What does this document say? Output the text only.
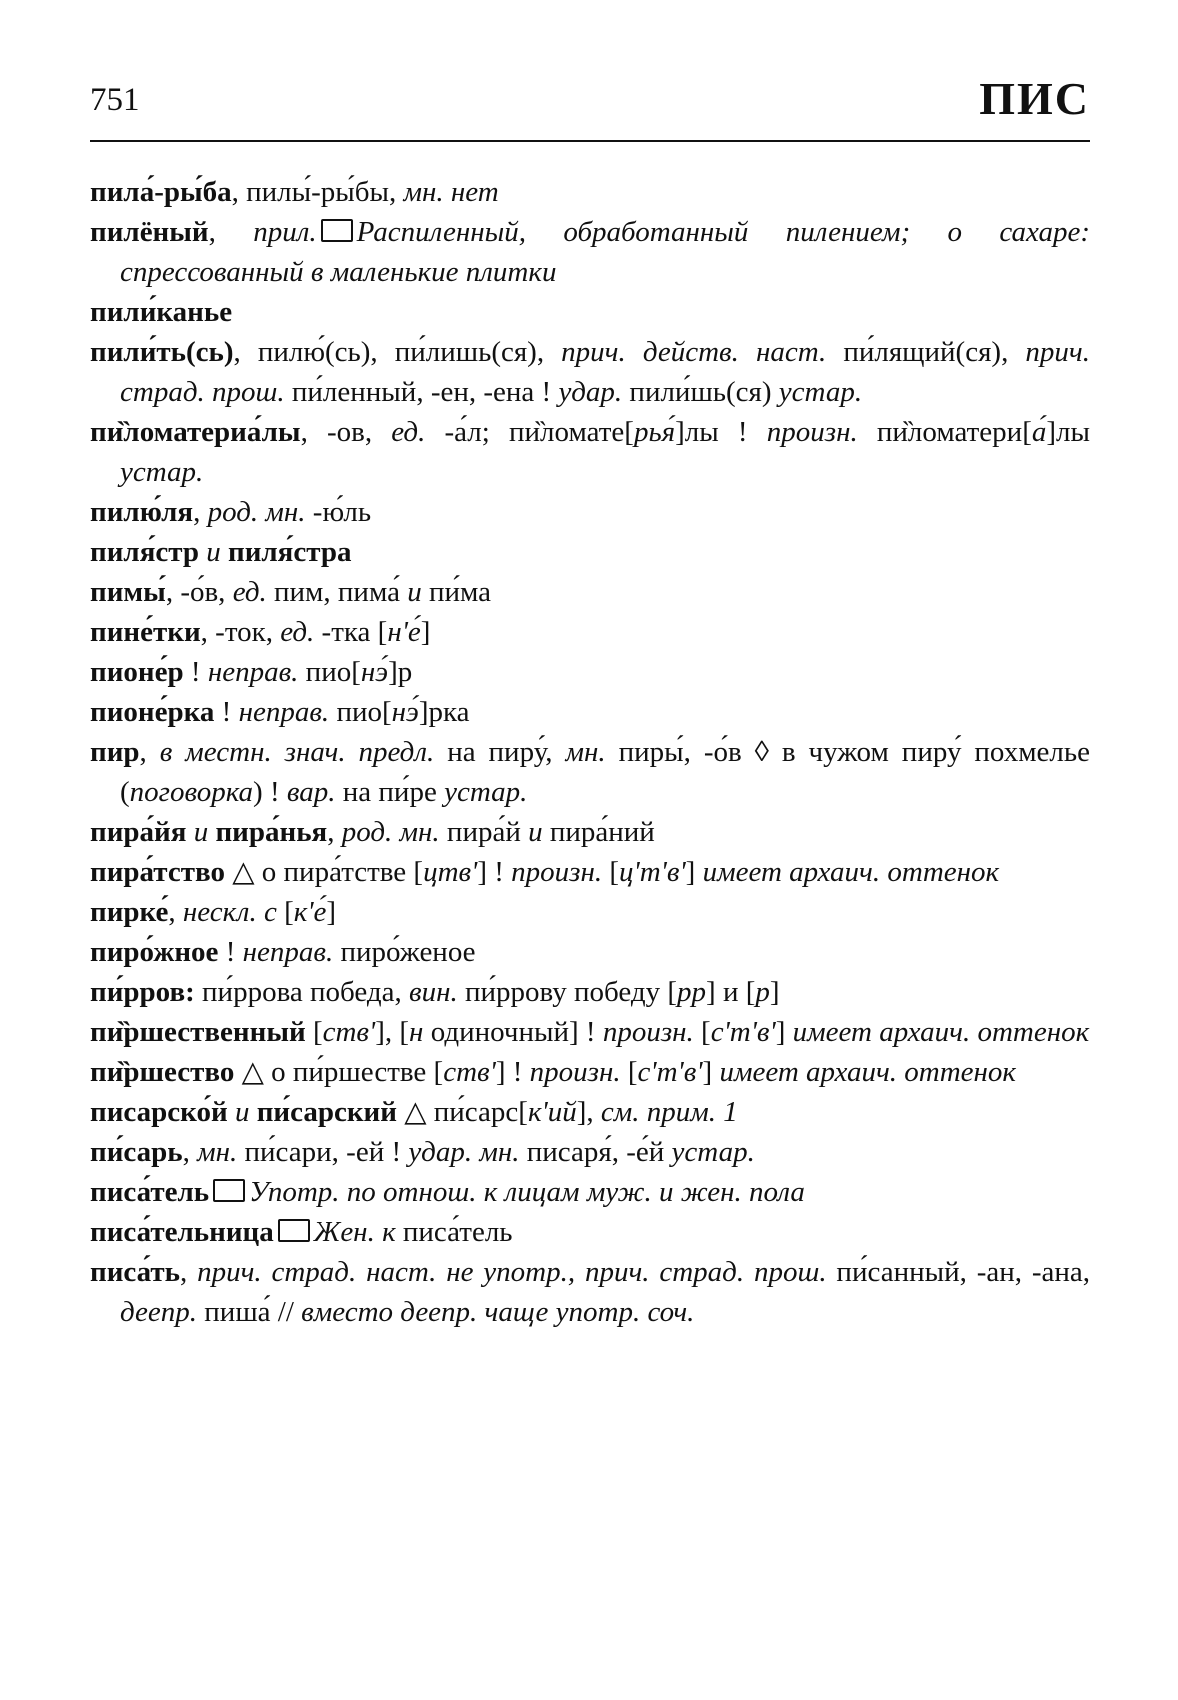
751	ПИС

пила́-ры́ба, пилы́-ры́бы, мн. нет

пилёный, прил. Распиленный, обработанный пилением; о сахаре: спрессованный в маленькие плитки

пили́канье

пили́ть(сь), пилю́(сь), пи́лишь(ся), прич. действ. наст. пи́лящий(ся), прич. страд. прош. пи́ленный, -ен, -ена ! удар. пили́шь(ся) устар.

пи̏ломатериа́лы, -ов, ед. -а́л; пи̏ломате[рья́]лы ! произн. пи̏ломатери[а́]лы устар.

пилю́ля, род. мн. -ю́ль

пиля́стр и пиля́стра

пимы́, -о́в, ед. пим, пима́ и пи́ма

пине́тки, -ток, ед. -тка [н'е́]

пионе́р ! неправ. пио[нэ́]р

пионе́рка ! неправ. пио[нэ́]рка

пир, в местн. знач. предл. на пиру́, мн. пиры́, -о́в ◊ в чужом пиру́ похмелье (поговорка) ! вар. на пи́ре устар.

пира́йя и пира́нья, род. мн. пира́й и пира́ний

пира́тство △ о пира́тстве [цтв'] ! произн. [ц'т'в'] имеет архаич. оттенок

пирке́, нескл. с [к'е́]

пиро́жное ! неправ. пиро́женое

пи́рров: пи́ррова победа, вин. пи́ррову победу [рр] и [р]

пи̏ршественный [ств'], [н одиночный] ! произн. [с'т'в'] имеет архаич. оттенок

пи̏ршество △ о пи́ршестве [ств'] ! произн. [с'т'в'] имеет архаич. оттенок

писарско́й и пи́сарский △ пи́сарс[к'ий], см. прим. 1

пи́сарь, мн. пи́сари, -ей ! удар. мн. писаря́, -е́й устар.

писа́тель Употр. по отнош. к лицам муж. и жен. пола

писа́тельница Жен. к писа́тель

писа́ть, прич. страд. наст. не употр., прич. страд. прош. пи́санный, -ан, -ана, деепр. пиша́ // вместо деепр. чаще употр. соч.
